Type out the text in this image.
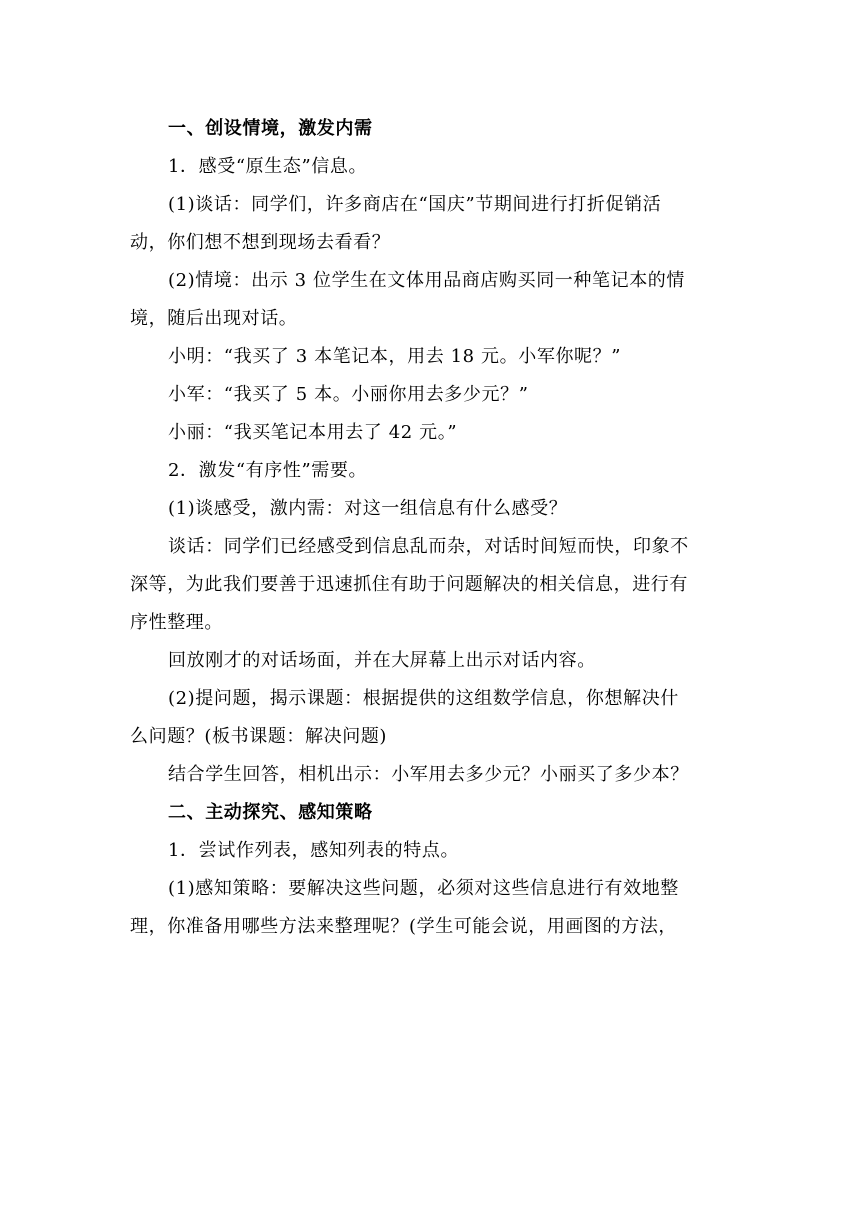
一、创设情境，激发内需
1．感受“原生态”信息。
(1)谈话：同学们，许多商店在“国庆”节期间进行打折促销活
动，你们想不想到现场去看看？
(2)情境：出示 3 位学生在文体用品商店购买同一种笔记本的情
境，随后出现对话。
小明：“我买了 3 本笔记本，用去 18 元。小军你呢？”
小军：“我买了 5 本。小丽你用去多少元？”
小丽：“我买笔记本用去了 42 元。”
2．激发“有序性”需要。
(1)谈感受，激内需：对这一组信息有什么感受？
谈话：同学们已经感受到信息乱而杂，对话时间短而快，印象不
深等，为此我们要善于迅速抓住有助于问题解决的相关信息，进行有
序性整理。
回放刚才的对话场面，并在大屏幕上出示对话内容。
(2)提问题，揭示课题：根据提供的这组数学信息，你想解决什
么问题？(板书课题：解决问题)
结合学生回答，相机出示：小军用去多少元？小丽买了多少本？
二、主动探究、感知策略
1．尝试作列表，感知列表的特点。
(1)感知策略：要解决这些问题，必须对这些信息进行有效地整
理，你准备用哪些方法来整理呢？(学生可能会说，用画图的方法，
